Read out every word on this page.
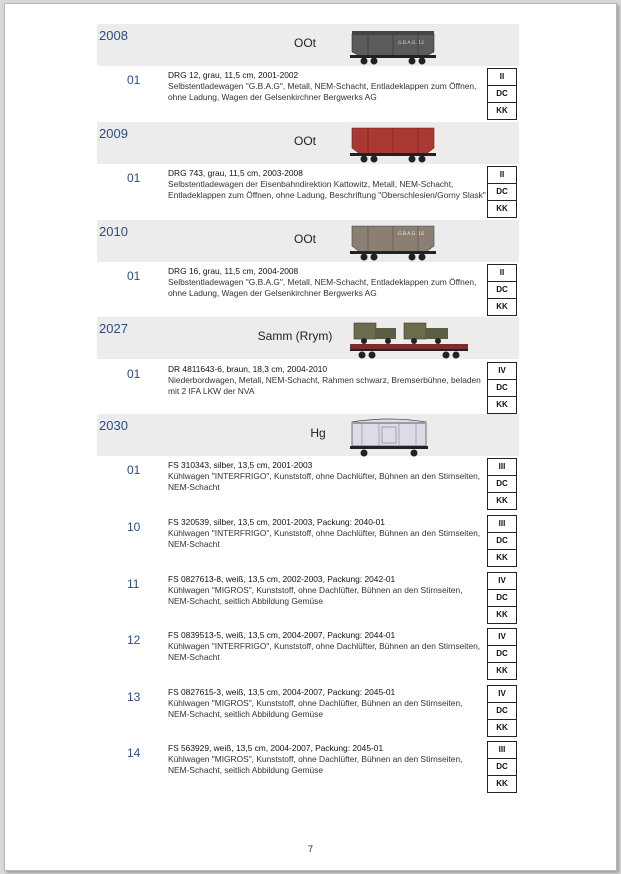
2008	OOt	G.B.A.G. 12
01	DRG 12, grau, 11,5 cm, 2001-2002
Selbstentladewagen "G.B.A.G", Metall, NEM-Schacht, Entladeklappen zum Öffnen, ohne Ladung, Wagen der Gelsenkirchner Bergwerks AG
II
DC
KK
2009	OOt
01	DRG 743, grau, 11,5 cm, 2003-2008
Selbstentladewagen der Eisenbahndirektion Kattowitz, Metall, NEM-Schacht, Entladeklappen zum Öffnen, ohne Ladung, Beschriftung "Oberschlesien/Gorny Slask"
II
DC
KK
2010	OOt	G.B.A.G. 16
01	DRG 16, grau, 11,5 cm, 2004-2008
Selbstentladewagen "G.B.A.G", Metall, NEM-Schacht, Entladeklappen zum Öffnen, ohne Ladung, Wagen der Gelsenkirchner Bergwerks AG
II
DC
KK
2027	Samm (Rrym)
01	DR 4811643-6, braun, 18,3 cm, 2004-2010
Niederbordwagen, Metall, NEM-Schacht, Rahmen schwarz, Bremserbühne, beladen mit 2 IFA LKW der NVA
IV
DC
KK
2030	Hg
01	FS 310343, silber, 13,5 cm, 2001-2003
Kühlwagen "INTERFRIGO", Kunststoff, ohne Dachlüfter, Bühnen an den Stirnseiten, NEM-Schacht
III
DC
KK
10	FS 320539, silber, 13,5 cm, 2001-2003, Packung: 2040-01
Kühlwagen "INTERFRIGO", Kunststoff, ohne Dachlüfter, Bühnen an den Stirnseiten, NEM-Schacht
III
DC
KK
11	FS 0827613-8, weiß, 13,5 cm, 2002-2003, Packung: 2042-01
Kühlwagen "MIGROS", Kunststoff, ohne Dachlüfter, Bühnen an den Stirnseiten, NEM-Schacht, seitlich Abbildung Gemüse
IV
DC
KK
12	FS 0839513-5, weiß, 13,5 cm, 2004-2007, Packung: 2044-01
Kühlwagen "INTERFRIGO", Kunststoff, ohne Dachlüfter, Bühnen an den Stirnseiten, NEM-Schacht
IV
DC
KK
13	FS 0827615-3, weiß, 13,5 cm, 2004-2007, Packung: 2045-01
Kühlwagen "MIGROS", Kunststoff, ohne Dachlüfter, Bühnen an den Stirnseiten, NEM-Schacht, seitlich Abbildung Gemüse
IV
DC
KK
14	FS 563929, weiß, 13,5 cm, 2004-2007, Packung: 2045-01
Kühlwagen "MIGROS", Kunststoff, ohne Dachlüfter, Bühnen an den Stirnseiten, NEM-Schacht, seitlich Abbildung Gemüse
III
DC
KK
7
